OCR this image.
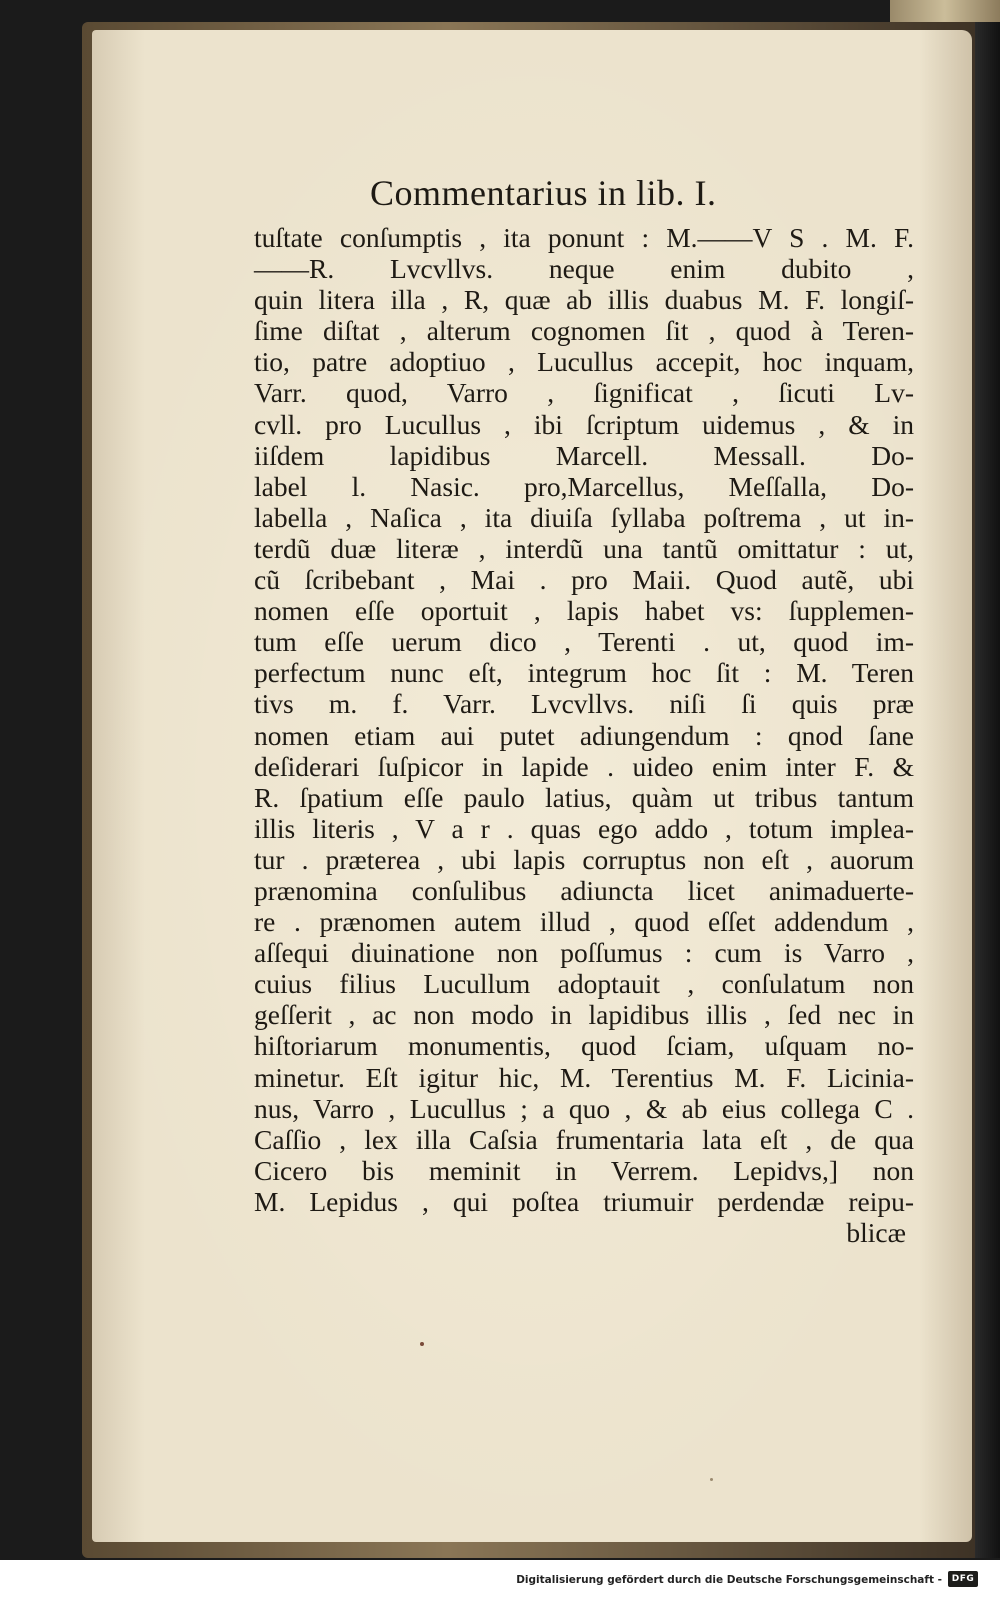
Commentarius in lib. I.
tuſtate conſumptis , ita ponunt : M.——V S . M. F.
——R. Lvcvllvs. neque enim dubito ,
quin litera illa , R, quæ ab illis duabus M. F. longiſ-
ſime diſtat , alterum cognomen ſit , quod à Teren-
tio, patre adoptiuo , Lucullus accepit, hoc inquam,
Varr. quod, Varro , ſignificat , ſicuti Lv-
cvll. pro Lucullus , ibi ſcriptum uidemus , & in
iiſdem lapidibus Marcell. Messall. Do-
label l. Nasic. pro,Marcellus, Meſſalla, Do-
labella , Naſica , ita diuiſa ſyllaba poſtrema , ut in-
terdũ duæ literæ , interdũ una tantũ omittatur : ut,
cũ ſcribebant , Mai . pro Maii. Quod autẽ, ubi
nomen eſſe oportuit , lapis habet vs: ſupplemen-
tum eſſe uerum dico , Terenti . ut, quod im-
perfectum nunc eſt, integrum hoc ſit : M. Teren
tivs m. f. Varr. Lvcvllvs. niſi ſi quis præ
nomen etiam aui putet adiungendum : qnod ſane
deſiderari ſuſpicor in lapide . uideo enim inter F. &
R. ſpatium eſſe paulo latius, quàm ut tribus tantum
illis literis , V a r . quas ego addo , totum implea-
tur . præterea , ubi lapis corruptus non eſt , auorum
prænomina conſulibus adiuncta licet animaduerte-
re . prænomen autem illud , quod eſſet addendum ,
aſſequi diuinatione non poſſumus : cum is Varro ,
cuius filius Lucullum adoptauit , conſulatum non
geſſerit , ac non modo in lapidibus illis , ſed nec in
hiſtoriarum monumentis, quod ſciam, uſquam no-
minetur. Eſt igitur hic, M. Terentius M. F. Licinia-
nus, Varro , Lucullus ; a quo , & ab eius collega C .
Caſſio , lex illa Caſsia frumentaria lata eſt , de qua
Cicero bis meminit in Verrem. Lepidvs,] non
M. Lepidus , qui poſtea triumuir perdendæ reipu-
blicæ
Digitalisierung gefördert durch die Deutsche Forschungsgemeinschaft -	DFG
